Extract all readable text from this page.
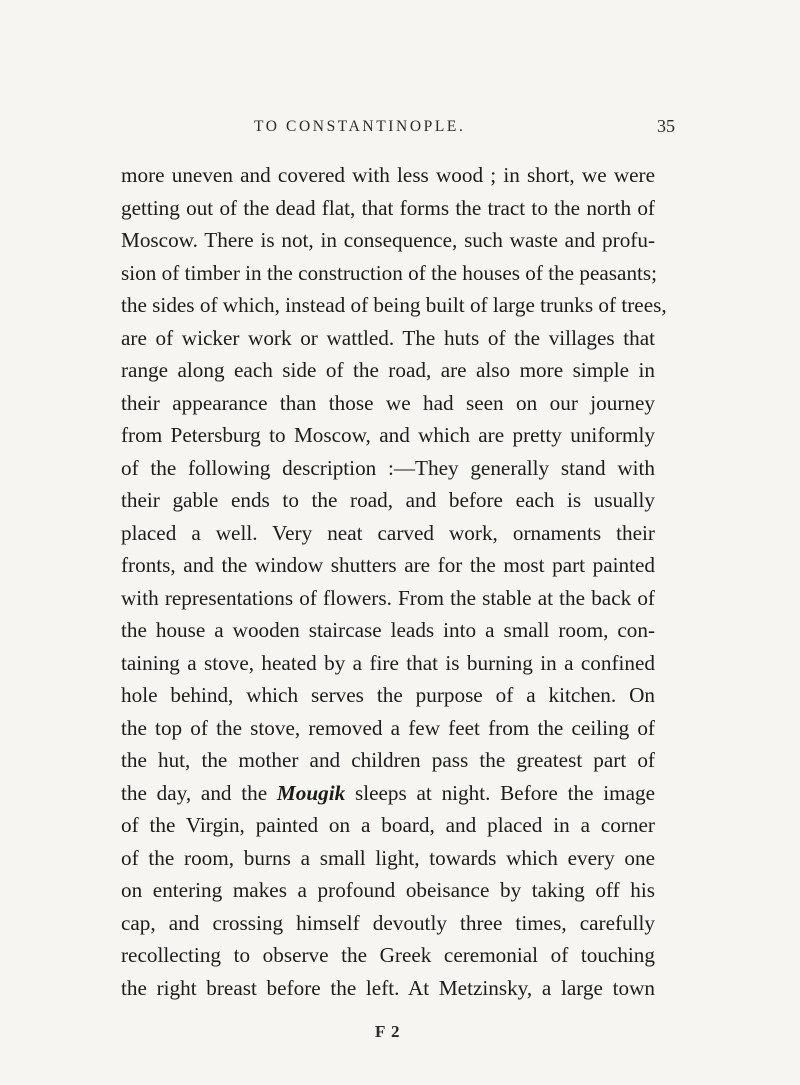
TO CONSTANTINOPLE.	35
more uneven and covered with less wood ; in short, we were
getting out of the dead flat, that forms the tract to the north of
Moscow. There is not, in consequence, such waste and profu-
sion of timber in the construction of the houses of the peasants;
the sides of which, instead of being built of large trunks of trees,
are of wicker work or wattled. The huts of the villages that
range along each side of the road, are also more simple in
their appearance than those we had seen on our journey
from Petersburg to Moscow, and which are pretty uniformly
of the following description :—They generally stand with
their gable ends to the road, and before each is usually
placed a well. Very neat carved work, ornaments their
fronts, and the window shutters are for the most part painted
with representations of flowers. From the stable at the back of
the house a wooden staircase leads into a small room, con-
taining a stove, heated by a fire that is burning in a confined
hole behind, which serves the purpose of a kitchen. On
the top of the stove, removed a few feet from the ceiling of
the hut, the mother and children pass the greatest part of
the day, and the Mougik sleeps at night. Before the image
of the Virgin, painted on a board, and placed in a corner
of the room, burns a small light, towards which every one
on entering makes a profound obeisance by taking off his
cap, and crossing himself devoutly three times, carefully
recollecting to observe the Greek ceremonial of touching
the right breast before the left. At Metzinsky, a large town
F 2
